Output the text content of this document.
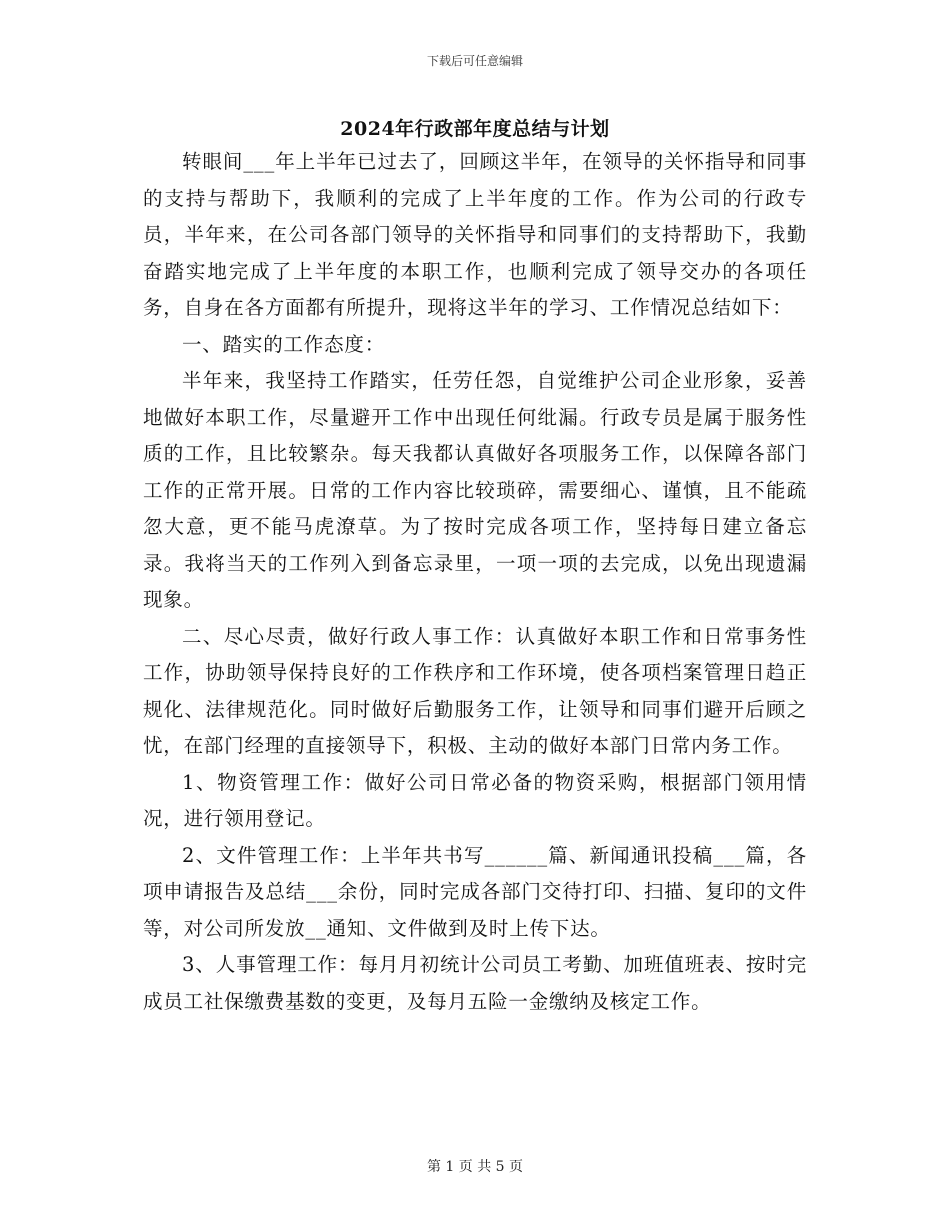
下载后可任意编辑
2024年行政部年度总结与计划

转眼间___年上半年已过去了，回顾这半年，在领导的关怀指导和同事的支持与帮助下，我顺利的完成了上半年度的工作。作为公司的行政专员，半年来，在公司各部门领导的关怀指导和同事们的支持帮助下，我勤奋踏实地完成了上半年度的本职工作，也顺利完成了领导交办的各项任务，自身在各方面都有所提升，现将这半年的学习、工作情况总结如下：

一、踏实的工作态度：

半年来，我坚持工作踏实，任劳任怨，自觉维护公司企业形象，妥善地做好本职工作，尽量避开工作中出现任何纰漏。行政专员是属于服务性质的工作，且比较繁杂。每天我都认真做好各项服务工作，以保障各部门工作的正常开展。日常的工作内容比较琐碎，需要细心、谨慎，且不能疏忽大意，更不能马虎潦草。为了按时完成各项工作，坚持每日建立备忘录。我将当天的工作列入到备忘录里，一项一项的去完成，以免出现遗漏现象。

二、尽心尽责，做好行政人事工作：认真做好本职工作和日常事务性工作，协助领导保持良好的工作秩序和工作环境，使各项档案管理日趋正规化、法律规范化。同时做好后勤服务工作，让领导和同事们避开后顾之忧，在部门经理的直接领导下，积极、主动的做好本部门日常内务工作。

1、物资管理工作：做好公司日常必备的物资采购，根据部门领用情况，进行领用登记。

2、文件管理工作：上半年共书写______篇、新闻通讯投稿___篇，各项申请报告及总结___余份，同时完成各部门交待打印、扫描、复印的文件等，对公司所发放__通知、文件做到及时上传下达。

3、人事管理工作：每月月初统计公司员工考勤、加班值班表、按时完成员工社保缴费基数的变更，及每月五险一金缴纳及核定工作。

第 1 页 共 5 页
